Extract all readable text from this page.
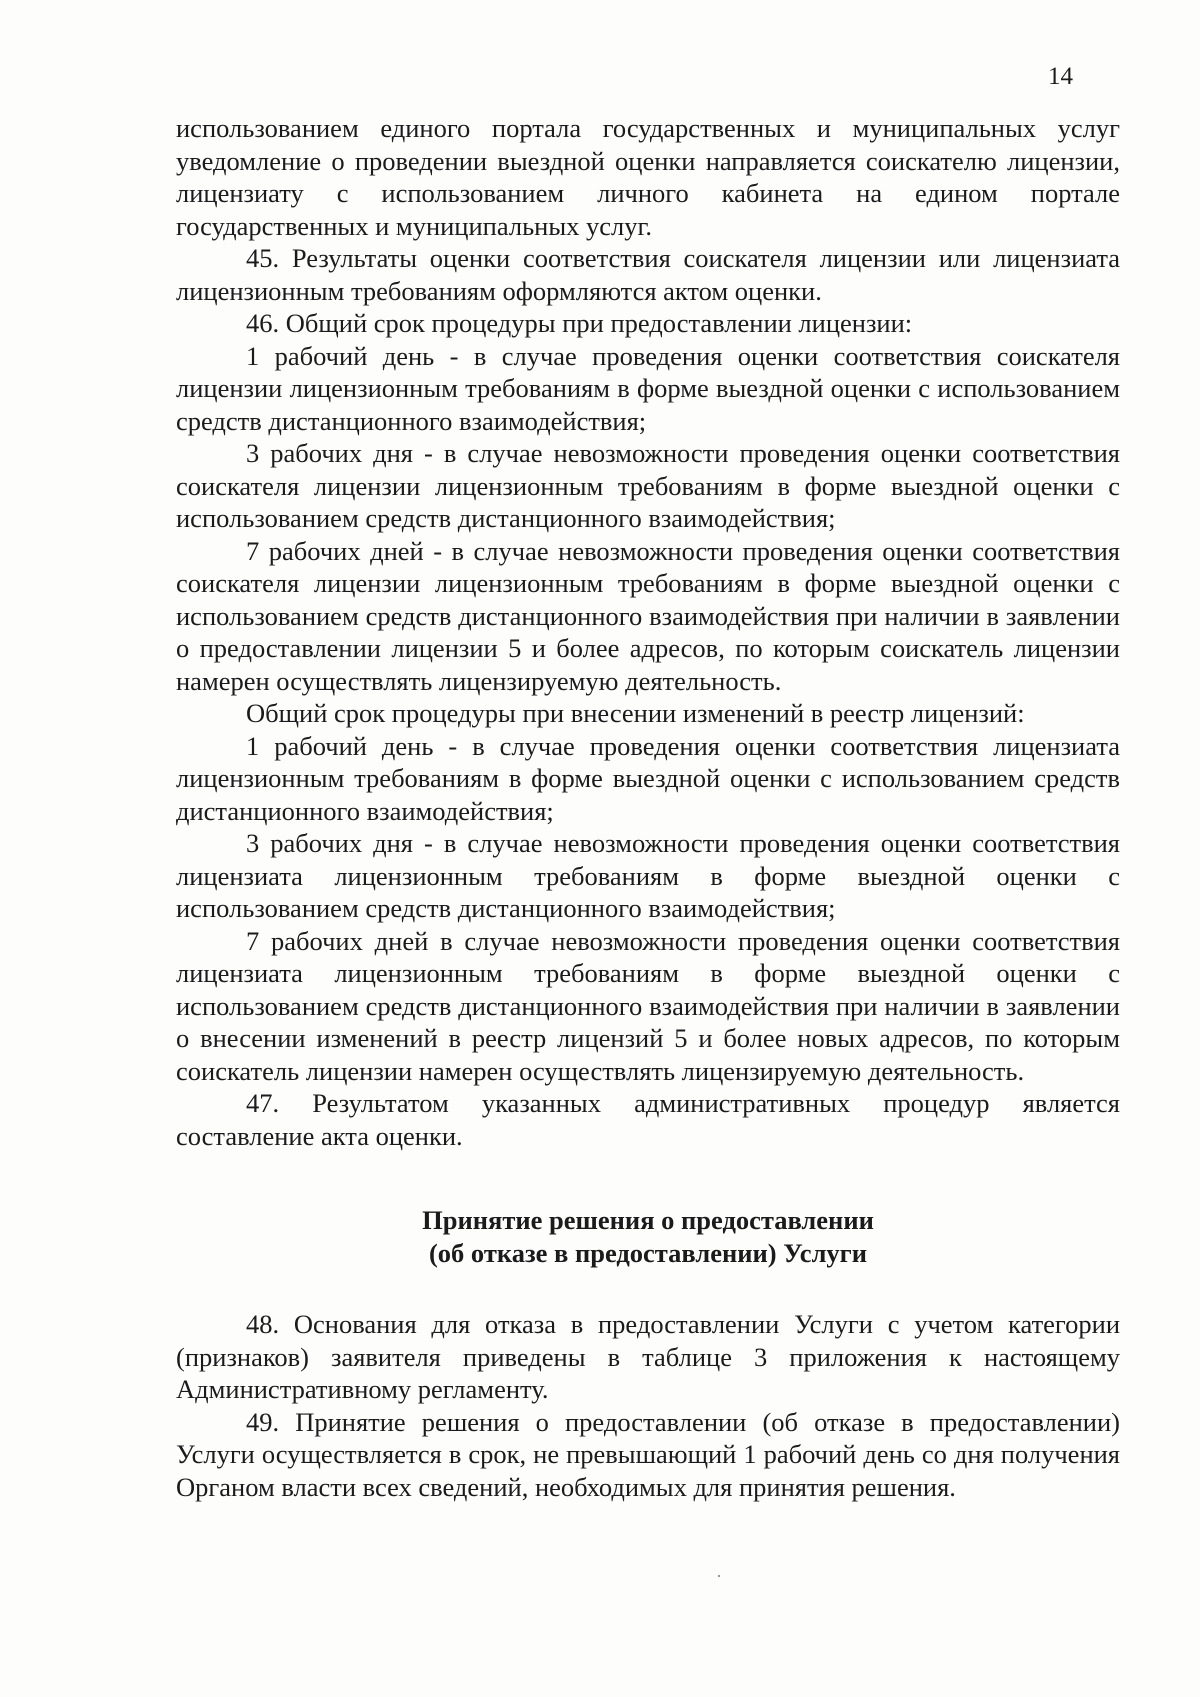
14

использованием единого портала государственных и муниципальных услуг уведомление о проведении выездной оценки направляется соискателю лицензии, лицензиату с использованием личного кабинета на едином портале государственных и муниципальных услуг.

45. Результаты оценки соответствия соискателя лицензии или лицензиата лицензионным требованиям оформляются актом оценки.

46. Общий срок процедуры при предоставлении лицензии:

1 рабочий день - в случае проведения оценки соответствия соискателя лицензии лицензионным требованиям в форме выездной оценки с использованием средств дистанционного взаимодействия;

3 рабочих дня - в случае невозможности проведения оценки соответствия соискателя лицензии лицензионным требованиям в форме выездной оценки с использованием средств дистанционного взаимодействия;

7 рабочих дней - в случае невозможности проведения оценки соответствия соискателя лицензии лицензионным требованиям в форме выездной оценки с использованием средств дистанционного взаимодействия при наличии в заявлении о предоставлении лицензии 5 и более адресов, по которым соискатель лицензии намерен осуществлять лицензируемую деятельность.

Общий срок процедуры при внесении изменений в реестр лицензий:

1 рабочий день - в случае проведения оценки соответствия лицензиата лицензионным требованиям в форме выездной оценки с использованием средств дистанционного взаимодействия;

3 рабочих дня - в случае невозможности проведения оценки соответствия лицензиата лицензионным требованиям в форме выездной оценки с использованием средств дистанционного взаимодействия;

7 рабочих дней в случае невозможности проведения оценки соответствия лицензиата лицензионным требованиям в форме выездной оценки с использованием средств дистанционного взаимодействия при наличии в заявлении о внесении изменений в реестр лицензий 5 и более новых адресов, по которым соискатель лицензии намерен осуществлять лицензируемую деятельность.

47. Результатом указанных административных процедур является составление акта оценки.

Принятие решения о предоставлении
(об отказе в предоставлении) Услуги

48. Основания для отказа в предоставлении Услуги с учетом категории (признаков) заявителя приведены в таблице 3 приложения к настоящему Административному регламенту.

49. Принятие решения о предоставлении (об отказе в предоставлении) Услуги осуществляется в срок, не превышающий 1 рабочий день со дня получения Органом власти всех сведений, необходимых для принятия решения.
